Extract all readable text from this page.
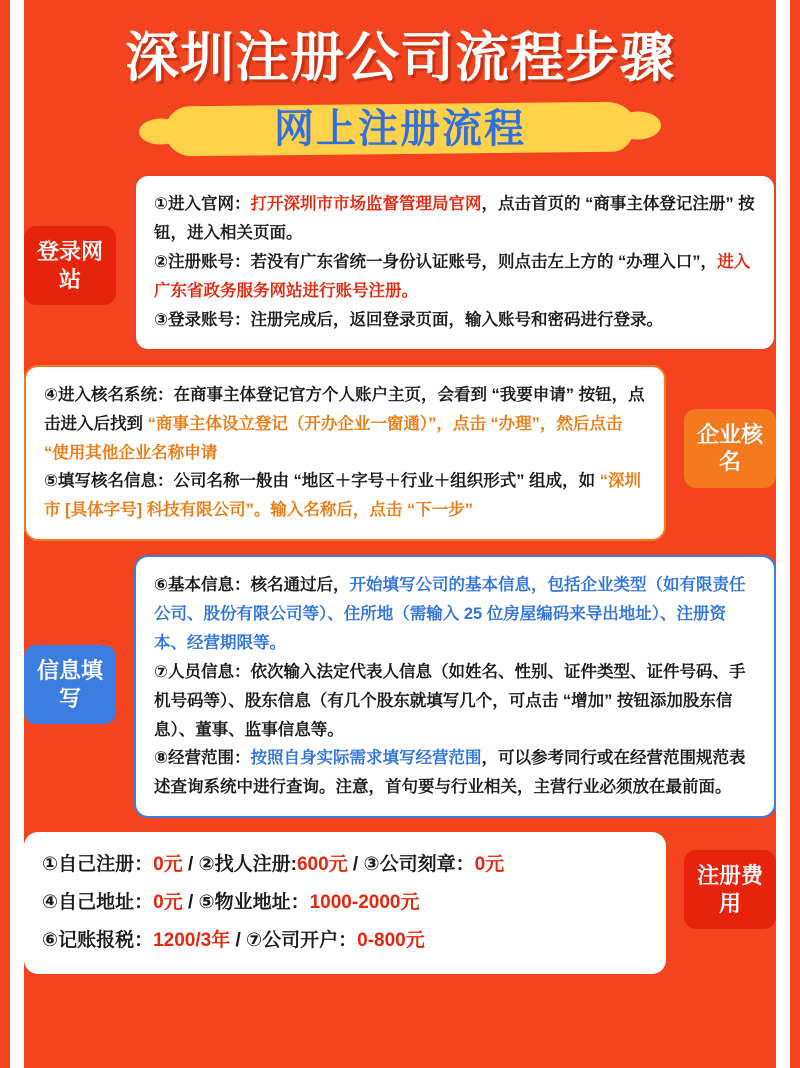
深圳注册公司流程步骤
网上注册流程
登录网站
①进入官网：打开深圳市市场监督管理局官网，点击首页的 “商事主体登记注册” 按钮，进入相关页面。
②注册账号：若没有广东省统一身份认证账号，则点击左上方的 “办理入口”，进入广东省政务服务网站进行账号注册。
③登录账号：注册完成后，返回登录页面，输入账号和密码进行登录。
企业核名
④进入核名系统：在商事主体登记官方个人账户主页，会看到 “我要申请” 按钮，点击进入后找到 “商事主体设立登记（开办企业一窗通）”，点击 “办理”，然后点击 “使用其他企业名称申请
⑤填写核名信息：公司名称一般由 “地区＋字号＋行业＋组织形式” 组成，如 “深圳市 [具体字号] 科技有限公司”。输入名称后，点击 “下一步”
信息填写
⑥基本信息：核名通过后，开始填写公司的基本信息，包括企业类型（如有限责任公司、股份有限公司等）、住所地（需输入 25 位房屋编码来导出地址）、注册资本、经营期限等。
⑦人员信息：依次输入法定代表人信息（如姓名、性别、证件类型、证件号码、手机号码等）、股东信息（有几个股东就填写几个，可点击 “增加” 按钮添加股东信息）、董事、监事信息等。
⑧经营范围：按照自身实际需求填写经营范围，可以参考同行或在经营范围规范表述查询系统中进行查询。注意，首句要与行业相关，主营行业必须放在最前面。
注册费用
①自己注册：0元 / ②找人注册:600元 / ③公司刻章：0元
④自己地址：0元 / ⑤物业地址：1000-2000元
⑥记账报税：1200/3年 / ⑦公司开户：0-800元
